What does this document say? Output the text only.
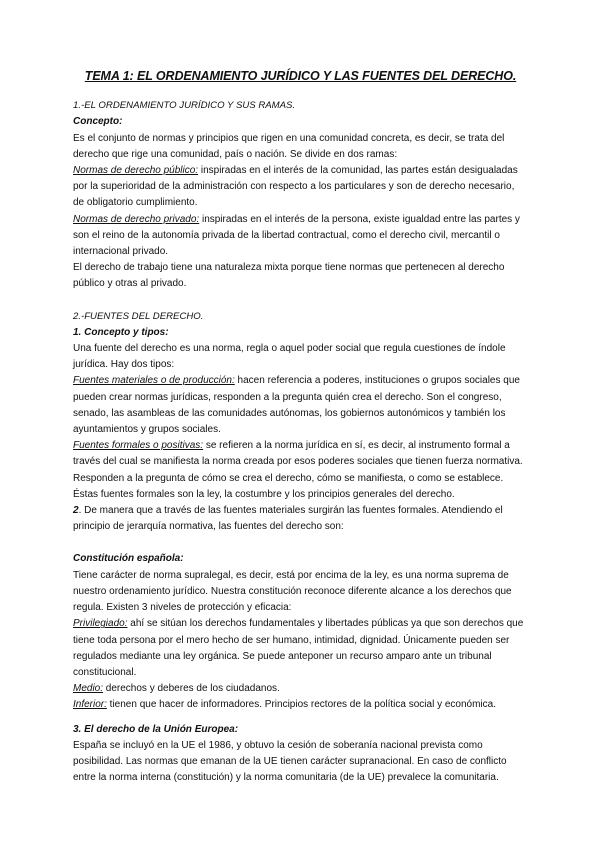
TEMA 1: EL ORDENAMIENTO JURÍDICO Y LAS FUENTES DEL DERECHO.

1.-EL ORDENAMIENTO JURÍDICO Y SUS RAMAS.

Concepto:

Es el conjunto de normas y principios que rigen en una comunidad concreta, es decir, se trata del derecho que rige una comunidad, país o nación. Se divide en dos ramas:

Normas de derecho público: inspiradas en el interés de la comunidad, las partes están desigualadas por la superioridad de la administración con respecto a los particulares y son de derecho necesario, de obligatorio cumplimiento.

Normas de derecho privado: inspiradas en el interés de la persona, existe igualdad entre las partes y son el reino de la autonomía privada de la libertad contractual, como el derecho civil, mercantil o internacional privado.

El derecho de trabajo tiene una naturaleza mixta porque tiene normas que pertenecen al derecho público y otras al privado.

2.-FUENTES DEL DERECHO.

1. Concepto y tipos:

Una fuente del derecho es una norma, regla o aquel poder social que regula cuestiones de índole jurídica. Hay dos tipos:

Fuentes materiales o de producción: hacen referencia a poderes, instituciones o grupos sociales que pueden crear normas jurídicas, responden a la pregunta quién crea el derecho. Son el congreso, senado, las asambleas de las comunidades autónomas, los gobiernos autonómicos y también los ayuntamientos y grupos sociales.

Fuentes formales o positivas: se refieren a la norma jurídica en sí, es decir, al instrumento formal a través del cual se manifiesta la norma creada por esos poderes sociales que tienen fuerza normativa. Responden a la pregunta de cómo se crea el derecho, cómo se manifiesta, o como se establece. Éstas fuentes formales son la ley, la costumbre y los principios generales del derecho.

2. De manera que a través de las fuentes materiales surgirán las fuentes formales. Atendiendo el principio de jerarquía normativa, las fuentes del derecho son:

Constitución española:

Tiene carácter de norma supralegal, es decir, está por encima de la ley, es una norma suprema de nuestro ordenamiento jurídico. Nuestra constitución reconoce diferente alcance a los derechos que regula. Existen 3 niveles de protección y eficacia:

Privilegiado: ahí se sitúan los derechos fundamentales y libertades públicas ya que son derechos que tiene toda persona por el mero hecho de ser humano, intimidad, dignidad. Únicamente pueden ser regulados mediante una ley orgánica. Se puede anteponer un recurso amparo ante un tribunal constitucional.

Medio: derechos y deberes de los ciudadanos.

Inferior: tienen que hacer de informadores. Principios rectores de la política social y económica.

3. El derecho de la Unión Europea:

España se incluyó en la UE el 1986, y obtuvo la cesión de soberanía nacional prevista como posibilidad. Las normas que emanan de la UE tienen carácter supranacional. En caso de conflicto entre la norma interna (constitución) y la norma comunitaria (de la UE) prevalece la comunitaria.
